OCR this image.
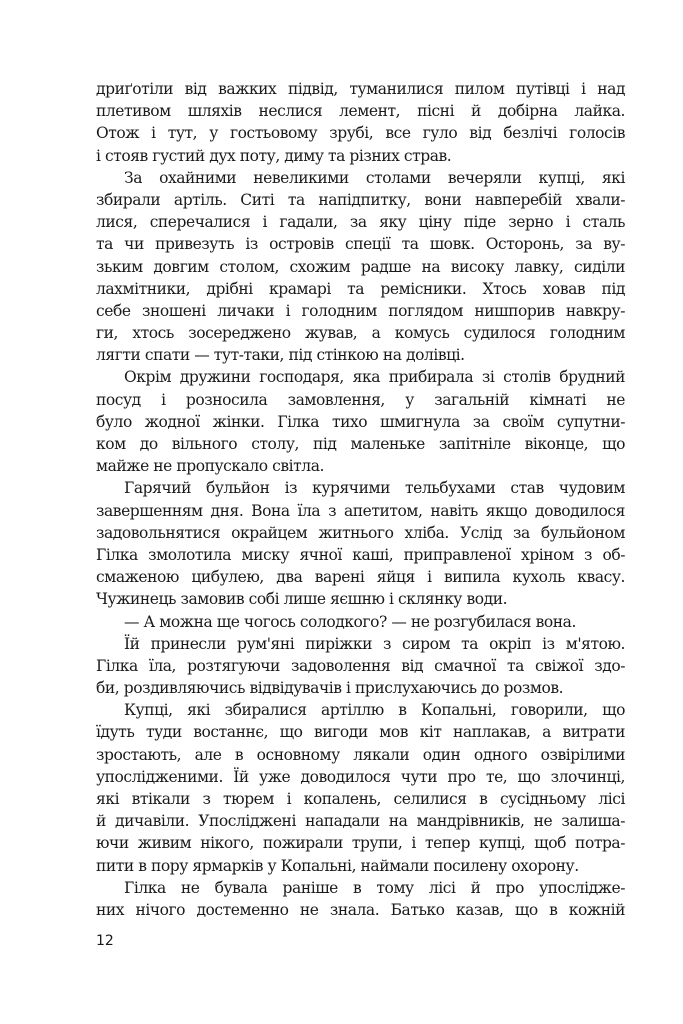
дриґотіли від важких підвід, туманилися пилом путівці і над
плетивом шляхів неслися лемент, пісні й добірна лайка.
Отож і тут, у гостьовому зрубі, все гуло від безлічі голосів
і стояв густий дух поту, диму та різних страв.
За охайними невеликими столами вечеряли купці, які
збирали артіль. Ситі та напідпитку, вони навперебій хвали-
лися, сперечалися і гадали, за яку ціну піде зерно і сталь
та чи привезуть із островів спеції та шовк. Осторонь, за ву-
зьким довгим столом, схожим радше на високу лавку, сиділи
лахмітники, дрібні крамарі та ремісники. Хтось ховав під
себе зношені личаки і голодним поглядом нишпорив навкру-
ги, хтось зосереджено жував, а комусь судилося голодним
лягти спати — тут-таки, під стінкою на долівці.
Окрім дружини господаря, яка прибирала зі столів брудний
посуд і розносила замовлення, у загальній кімнаті не
було жодної жінки. Гілка тихо шмигнула за своїм супутни-
ком до вільного столу, під маленьке запітніле віконце, що
майже не пропускало світла.
Гарячий бульйон із курячими тельбухами став чудовим
завершенням дня. Вона їла з апетитом, навіть якщо доводилося
задовольнятися окрайцем житнього хліба. Услід за бульйоном
Гілка змолотила миску ячної каші, приправленої хріном з об-
смаженою цибулею, два варені яйця і випила кухоль квасу.
Чужинець замовив собі лише яєшню і склянку води.
— А можна ще чогось солодкого? — не розгубилася вона.
Їй принесли рум'яні пиріжки з сиром та окріп із м'ятою.
Гілка їла, розтягуючи задоволення від смачної та свіжої здо-
би, роздивляючись відвідувачів і прислухаючись до розмов.
Купці, які збиралися артіллю в Копальні, говорили, що
їдуть туди востаннє, що вигоди мов кіт наплакав, а витрати
зростають, але в основному лякали один одного озвірілими
упослідженими. Їй уже доводилося чути про те, що злочинці,
які втікали з тюрем і копалень, селилися в сусідньому лісі
й дичавіли. Упосліджені нападали на мандрівників, не залиша-
ючи живим нікого, пожирали трупи, і тепер купці, щоб потра-
пити в пору ярмарків у Копальні, наймали посилену охорону.
Гілка не бувала раніше в тому лісі й про упосліджe-
них нічого достеменно не знала. Батько казав, що в кожній
12
